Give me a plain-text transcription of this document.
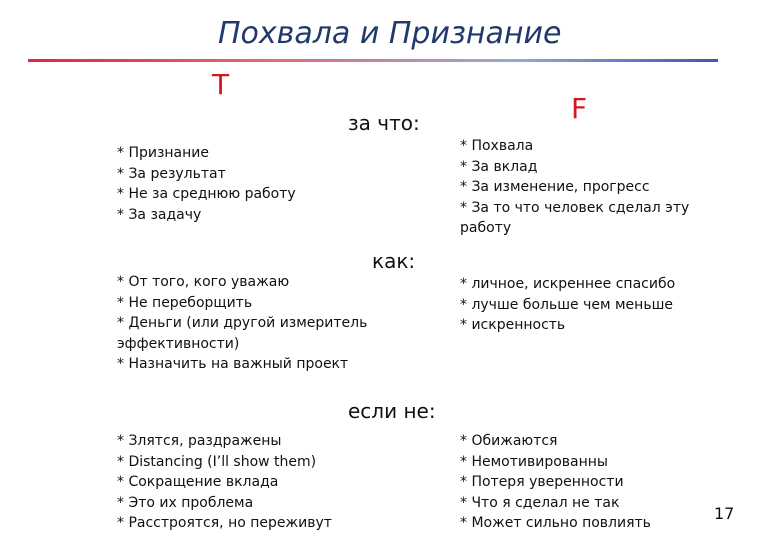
Похвала и Признание
T
F
за что:
* Признание
* За результат
* Не за среднюю работу
* За задачу
* Похвала
* За вклад
* За изменение, прогресс
* За то что человек сделал эту работу
как:
* От того, кого уважаю
* Не переборщить
* Деньги (или другой измеритель эффективности)
* Назначить на важный проект
* личное, искреннее спасибо
* лучше больше чем меньше
* искренность
если не:
* Злятся, раздражены
* Distancing (I’ll show them)
* Сокращение вклада
* Это их проблема
* Расстроятся, но переживут
* Обижаются
* Немотивированны
* Потеря уверенности
* Что я сделал не так
* Может сильно повлиять	17
